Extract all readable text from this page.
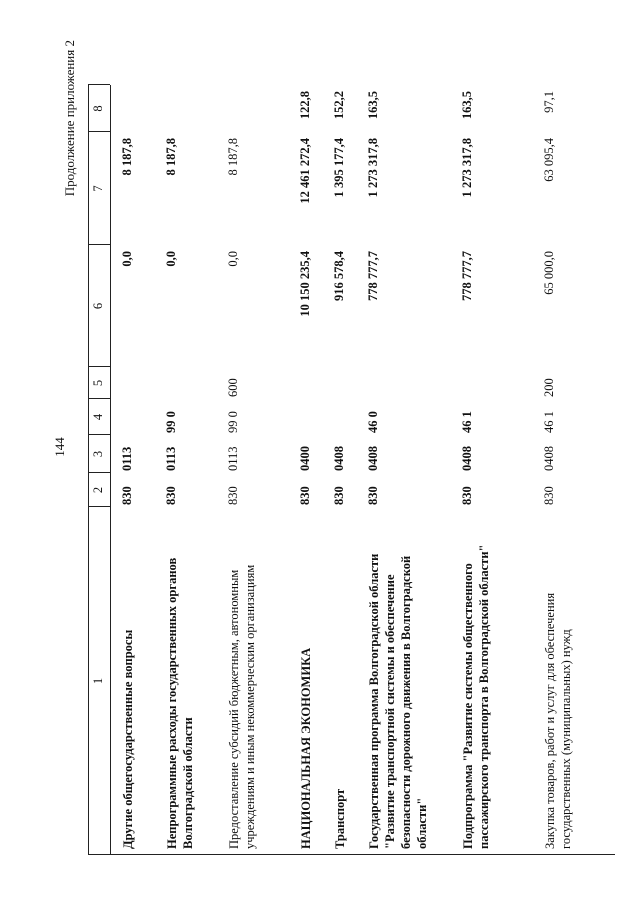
144
Продолжение приложения 2
1
2
3
4
5
6
7
8
Другие общегосударственные вопросы
830
0113
0,0
8 187,8
Непрограммные расходы государственных органов Волгоградской области
830
0113
99 0
0,0
8 187,8
Предоставление субсидий бюджетным, автономным учреждениям и иным некоммерческим организациям
830
0113
99 0
600
0,0
8 187,8
НАЦИОНАЛЬНАЯ ЭКОНОМИКА
830
0400
10 150 235,4
12 461 272,4
122,8
Транспорт
830
0408
916 578,4
1 395 177,4
152,2
Государственная программа Волгоградской области "Развитие транспортной системы и обеспечение безопасности дорожного движения в Волгоградской области"
830
0408
46 0
778 777,7
1 273 317,8
163,5
Подпрограмма "Развитие системы общественного пассажирского транспорта в Волгоградской области"
830
0408
46 1
778 777,7
1 273 317,8
163,5
Закупка товаров, работ и услуг для обеспечения государственных (муниципальных) нужд
830
0408
46 1
200
65 000,0
63 095,4
97,1
